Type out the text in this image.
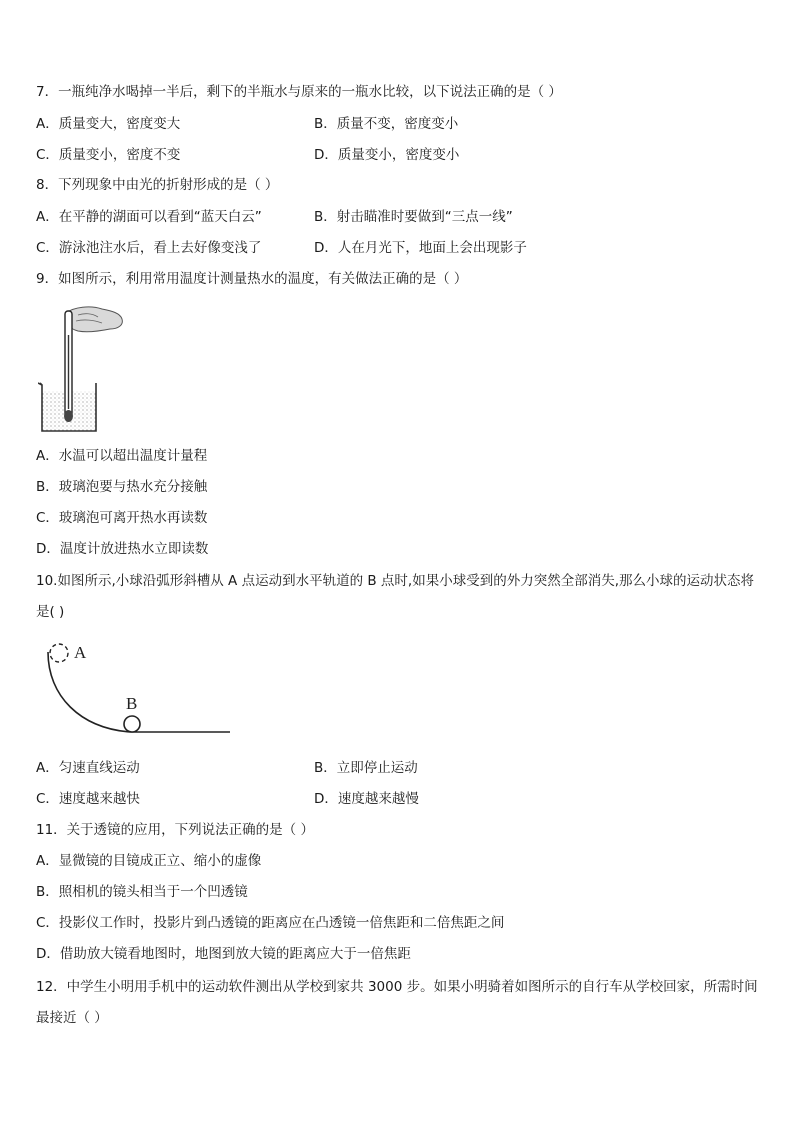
7．一瓶纯净水喝掉一半后，剩下的半瓶水与原来的一瓶水比较，以下说法正确的是（ ）
A．质量变大，密度变大	B．质量不变，密度变小
C．质量变小，密度不变	D．质量变小，密度变小
8．下列现象中由光的折射形成的是（ ）
A．在平静的湖面可以看到“蓝天白云”	B．射击瞄准时要做到“三点一线”
C．游泳池注水后，看上去好像变浅了	D．人在月光下，地面上会出现影子
9．如图所示，利用常用温度计测量热水的温度，有关做法正确的是（ ）
A．水温可以超出温度计量程
B．玻璃泡要与热水充分接触
C．玻璃泡可离开热水再读数
D．温度计放进热水立即读数
10.如图所示,小球沿弧形斜槽从 A 点运动到水平轨道的 B 点时,如果小球受到的外力突然全部消失,那么小球的运动状态将是( )
A
B
A．匀速直线运动	B．立即停止运动
C．速度越来越快	D．速度越来越慢
11．关于透镜的应用，下列说法正确的是（ ）
A．显微镜的目镜成正立、缩小的虚像
B．照相机的镜头相当于一个凹透镜
C．投影仪工作时，投影片到凸透镜的距离应在凸透镜一倍焦距和二倍焦距之间
D．借助放大镜看地图时，地图到放大镜的距离应大于一倍焦距
12．中学生小明用手机中的运动软件测出从学校到家共 3000 步。如果小明骑着如图所示的自行车从学校回家，所需时间最接近（ ）
